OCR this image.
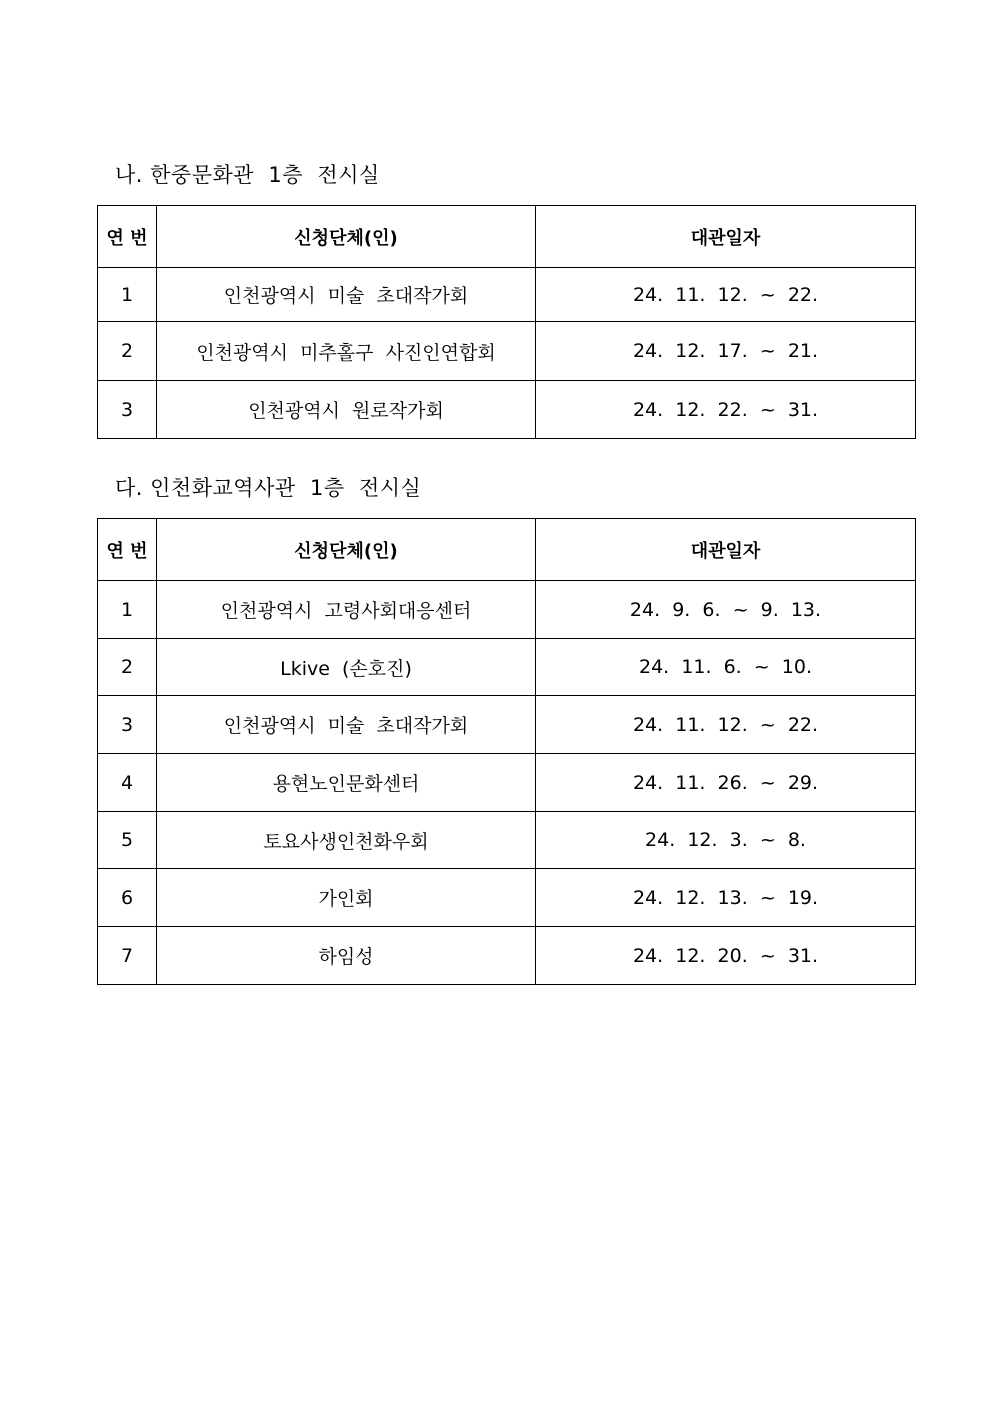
나. 한중문화관  1층  전시실
연 번	신청단체(인)	대관일자
1	인천광역시  미술  초대작가회	24.  11.  12.  ~  22.
2	인천광역시  미추홀구  사진인연합회	24.  12.  17.  ~  21.
3	인천광역시  원로작가회	24.  12.  22.  ~  31.
다. 인천화교역사관  1층  전시실
연 번	신청단체(인)	대관일자
1	인천광역시  고령사회대응센터	24.  9.  6.  ~  9.  13.
2	Lkive  (손호진)	24.  11.  6.  ~  10.
3	인천광역시  미술  초대작가회	24.  11.  12.  ~  22.
4	용현노인문화센터	24.  11.  26.  ~  29.
5	토요사생인천화우회	24.  12.  3.  ~  8.
6	가인회	24.  12.  13.  ~  19.
7	하임성	24.  12.  20.  ~  31.
